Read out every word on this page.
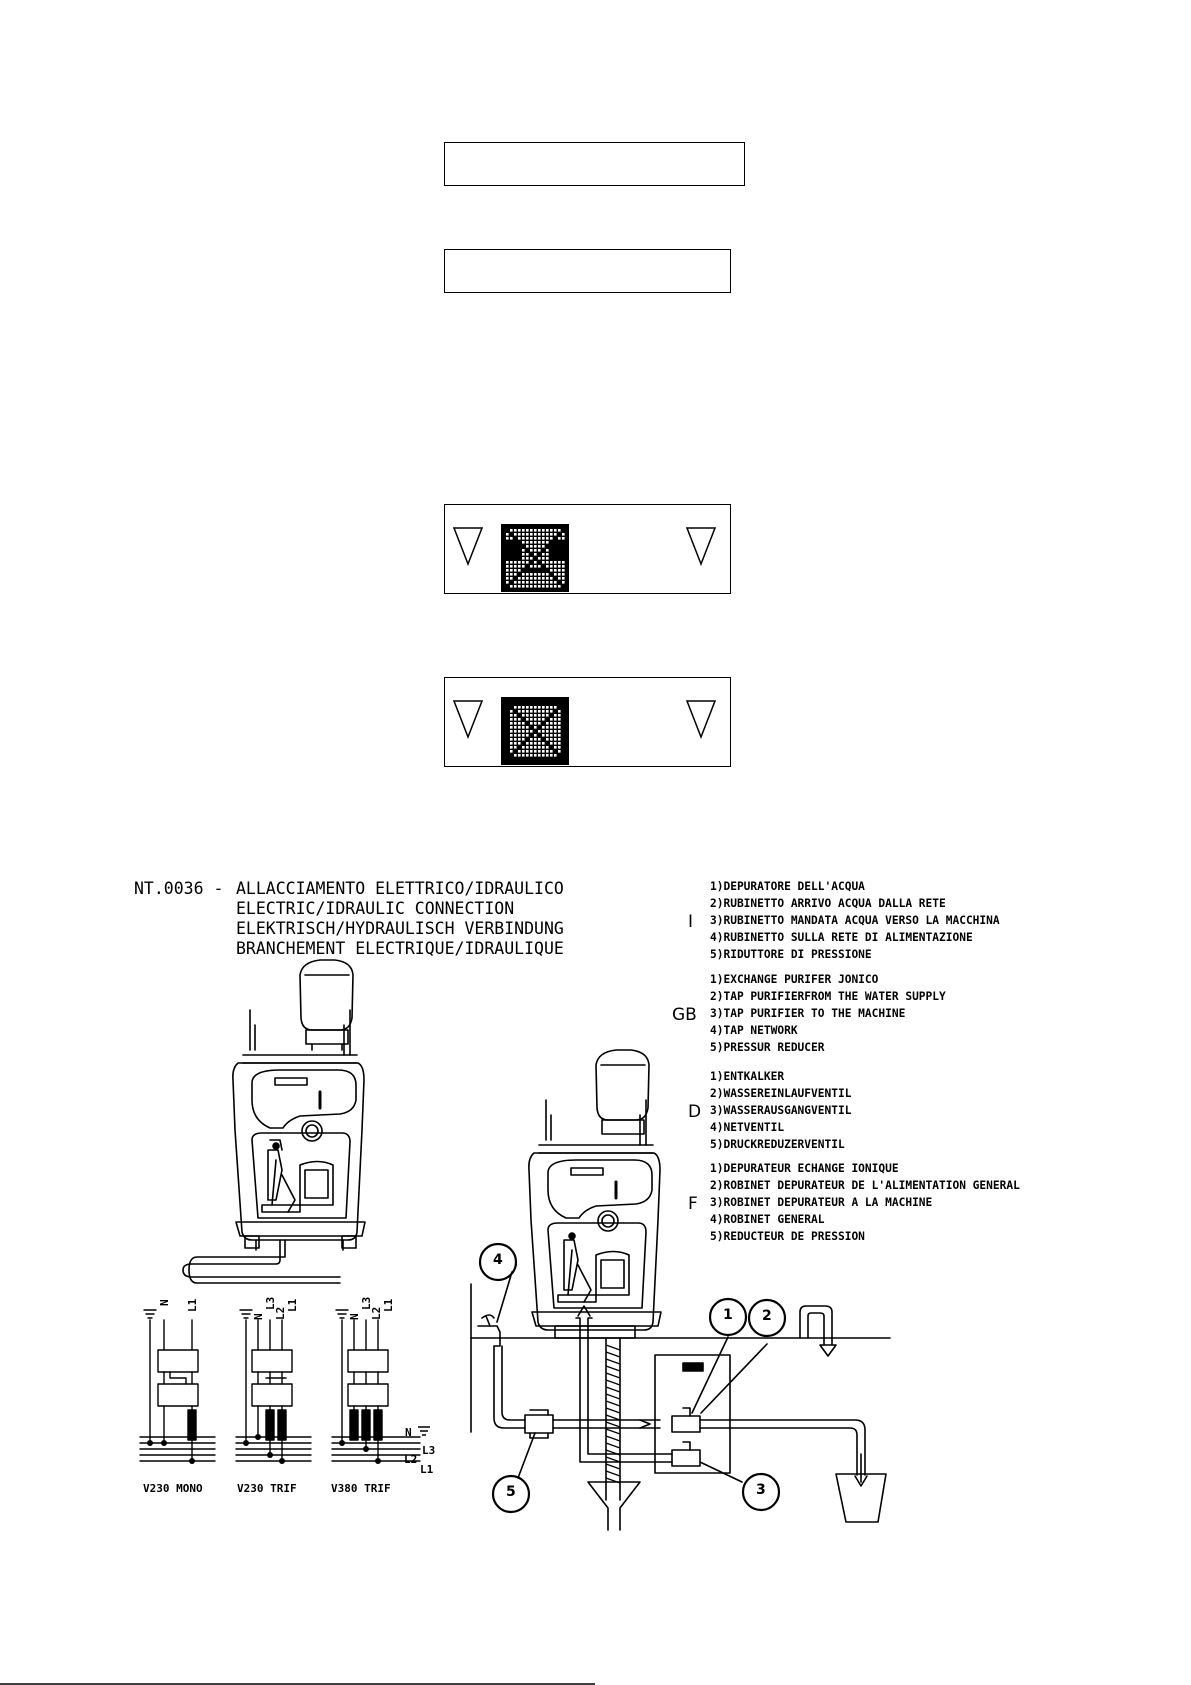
NT.0036 - ALLACCIAMENTO ELETTRICO/IDRAULICO
ELECTRIC/IDRAULIC CONNECTION
ELEKTRISCH/HYDRAULISCH VERBINDUNG
BRANCHEMENT ELECTRIQUE/IDRAULIQUE
I
1)DEPURATORE DELL'ACQUA
2)RUBINETTO ARRIVO ACQUA DALLA RETE
3)RUBINETTO MANDATA ACQUA VERSO LA MACCHINA
4)RUBINETTO SULLA RETE DI ALIMENTAZIONE
5)RIDUTTORE DI PRESSIONE
GB
1)EXCHANGE PURIFER JONICO
2)TAP PURIFIERFROM THE WATER SUPPLY
3)TAP PURIFIER TO THE MACHINE
4)TAP NETWORK
5)PRESSUR REDUCER
D
1)ENTKALKER
2)WASSEREINLAUFVENTIL
3)WASSERAUSGANGVENTIL
4)NETVENTIL
5)DRUCKREDUZERVENTIL
F
1)DEPURATEUR ECHANGE IONIQUE
2)ROBINET DEPURATEUR DE L'ALIMENTATION GENERAL
3)ROBINET DEPURATEUR A LA MACHINE
4)ROBINET GENERAL
5)REDUCTEUR DE PRESSION
V230 MONO	V230 TRIF	V380 TRIF
N L1
N
L3
L2
L1
N
L3
L2
L1
N
L3
L2
L1
4
1 2
3
5
